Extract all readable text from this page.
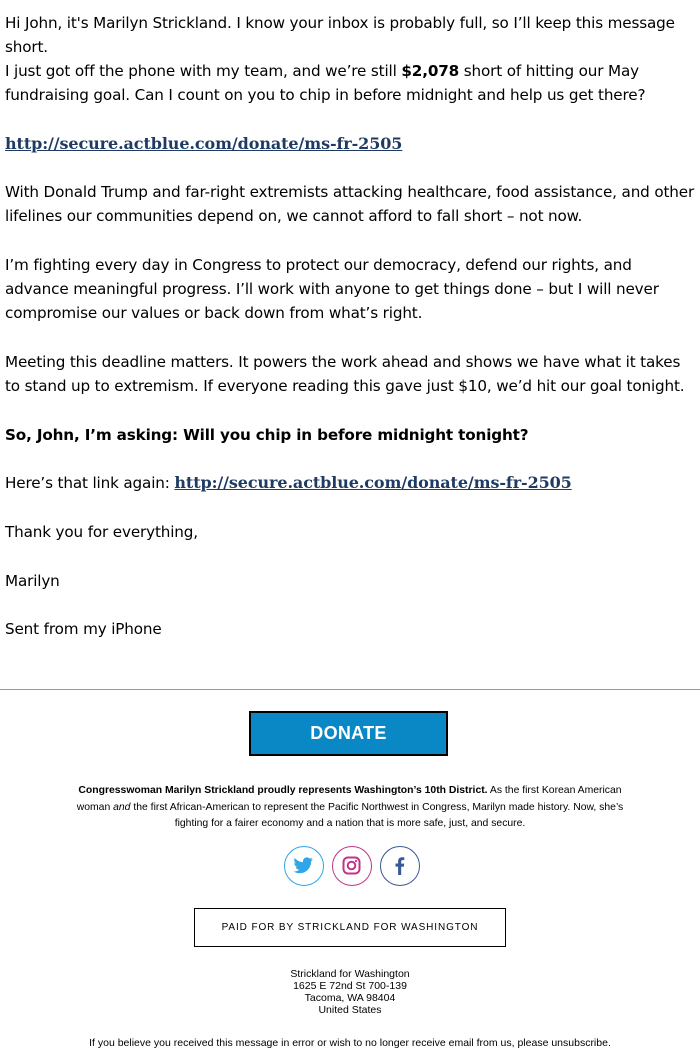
Hi John, it's Marilyn Strickland. I know your inbox is probably full, so I’ll keep this message short.

I just got off the phone with my team, and we’re still $2,078 short of hitting our May fundraising goal. Can I count on you to chip in before midnight and help us get there?

http://secure.actblue.com/donate/ms-fr-2505

With Donald Trump and far-right extremists attacking healthcare, food assistance, and other lifelines our communities depend on, we cannot afford to fall short – not now.

I’m fighting every day in Congress to protect our democracy, defend our rights, and advance meaningful progress. I’ll work with anyone to get things done – but I will never compromise our values or back down from what’s right.

Meeting this deadline matters. It powers the work ahead and shows we have what it takes to stand up to extremism. If everyone reading this gave just $10, we’d hit our goal tonight.

So, John, I’m asking: Will you chip in before midnight tonight?

Here’s that link again: http://secure.actblue.com/donate/ms-fr-2505

Thank you for everything,

Marilyn

Sent from my iPhone

DONATE
Congresswoman Marilyn Strickland proudly represents Washington’s 10th District. As the first Korean American woman and the first African-American to represent the Pacific Northwest in Congress, Marilyn made history. Now, she’s fighting for a fairer economy and a nation that is more safe, just, and secure.
PAID FOR BY STRICKLAND FOR WASHINGTON
Strickland for Washington
1625 E 72nd St 700-139
Tacoma, WA 98404
United States
If you believe you received this message in error or wish to no longer receive email from us, please unsubscribe.
